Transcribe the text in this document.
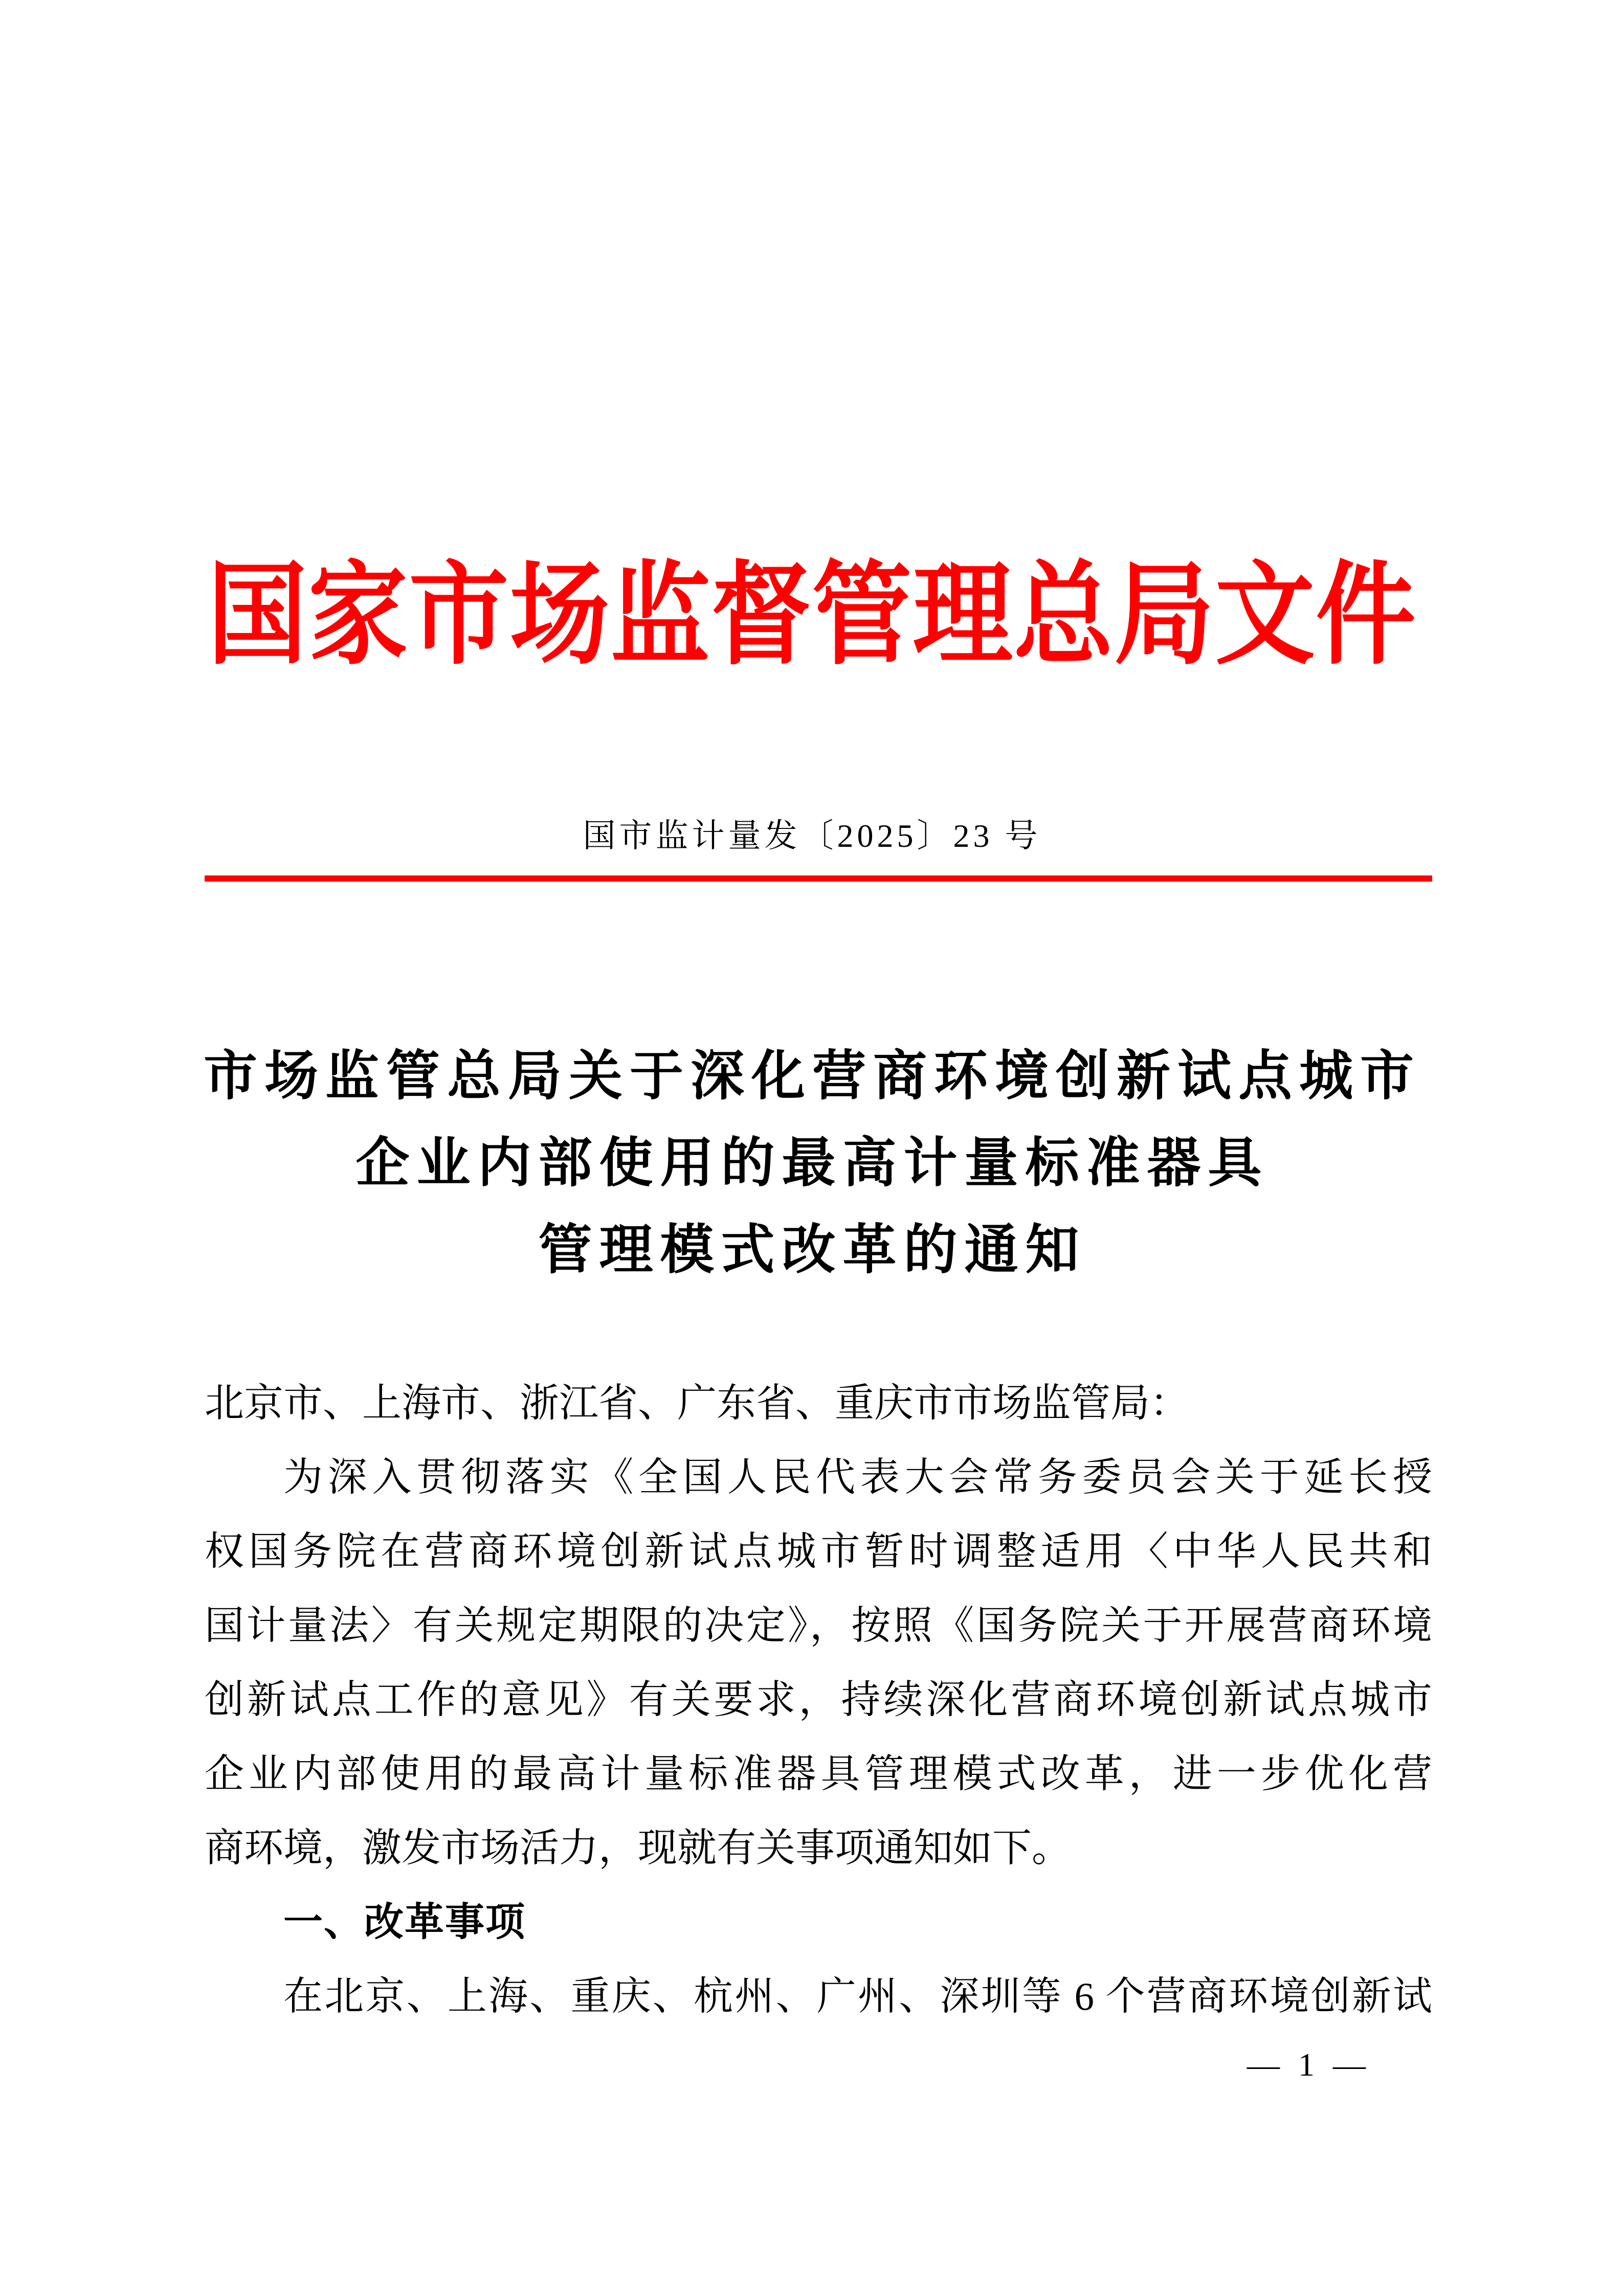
国家市场监督管理总局文件
国市监计量发〔2025〕23 号
市场监管总局关于深化营商环境创新试点城市
企业内部使用的最高计量标准器具
管理模式改革的通知
北京市、上海市、浙江省、广东省、重庆市市场监管局：
为深入贯彻落实《全国人民代表大会常务委员会关于延长授
权国务院在营商环境创新试点城市暂时调整适用〈中华人民共和
国计量法〉有关规定期限的决定》，按照《国务院关于开展营商环境
创新试点工作的意见》有关要求，持续深化营商环境创新试点城市
企业内部使用的最高计量标准器具管理模式改革，进一步优化营
商环境，激发市场活力，现就有关事项通知如下。
一、改革事项
在北京、上海、重庆、杭州、广州、深圳等 6 个营商环境创新试
— 1 —
